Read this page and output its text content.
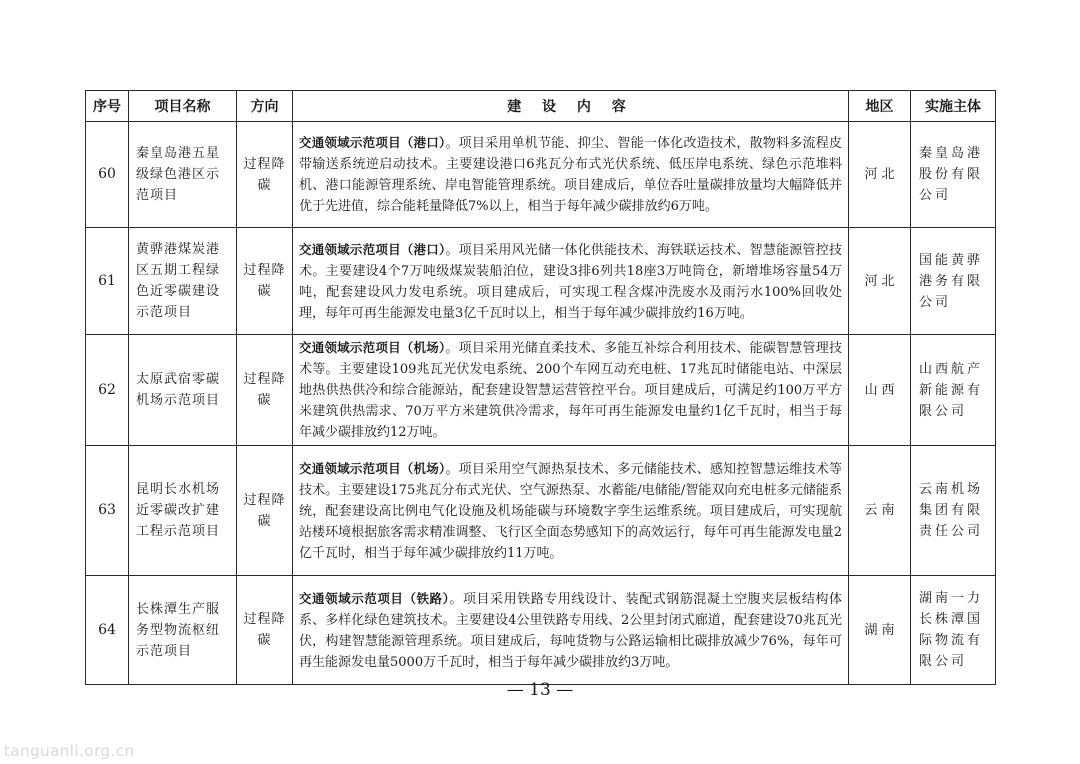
序号	项目名称	方向	建 设 内 容	地区	实施主体
60	秦皇岛港五星级绿色港区示范项目	过程降碳	交通领域示范项目（港口）。项目采用单机节能、抑尘、智能一体化改造技术，散物料多流程皮带输送系统逆启动技术。主要建设港口6兆瓦分布式光伏系统、低压岸电系统、绿色示范堆料机、港口能源管理系统、岸电智能管理系统。项目建成后，单位吞吐量碳排放量均大幅降低并优于先进值，综合能耗量降低7%以上，相当于每年减少碳排放约6万吨。	河北	秦皇岛港股份有限公司
61	黄骅港煤炭港区五期工程绿色近零碳建设示范项目	过程降碳	交通领域示范项目（港口）。项目采用风光储一体化供能技术、海铁联运技术、智慧能源管控技术。主要建设4个7万吨级煤炭装船泊位，建设3排6列共18座3万吨筒仓，新增堆场容量54万吨，配套建设风力发电系统。项目建成后，可实现工程含煤冲洗废水及雨污水100%回收处理，每年可再生能源发电量3亿千瓦时以上，相当于每年减少碳排放约16万吨。	河北	国能黄骅港务有限公司
62	太原武宿零碳机场示范项目	过程降碳	交通领域示范项目（机场）。项目采用光储直柔技术、多能互补综合利用技术、能碳智慧管理技术等。主要建设109兆瓦光伏发电系统、200个车网互动充电桩、17兆瓦时储能电站、中深层地热供热供冷和综合能源站，配套建设智慧运营管控平台。项目建成后，可满足约100万平方米建筑供热需求、70万平方米建筑供冷需求，每年可再生能源发电量约1亿千瓦时，相当于每年减少碳排放约12万吨。	山西	山西航产新能源有限公司
63	昆明长水机场近零碳改扩建工程示范项目	过程降碳	交通领域示范项目（机场）。项目采用空气源热泵技术、多元储能技术、感知控智慧运维技术等技术。主要建设175兆瓦分布式光伏、空气源热泵、水蓄能/电储能/智能双向充电桩多元储能系统，配套建设高比例电气化设施及机场能碳与环境数字孪生运维系统。项目建成后，可实现航站楼环境根据旅客需求精准调整、飞行区全面态势感知下的高效运行，每年可再生能源发电量2亿千瓦时，相当于每年减少碳排放约11万吨。	云南	云南机场集团有限责任公司
64	长株潭生产服务型物流枢纽示范项目	过程降碳	交通领域示范项目（铁路）。项目采用铁路专用线设计、装配式钢筋混凝土空腹夹层板结构体系、多样化绿色建筑技术。主要建设4公里铁路专用线、2公里封闭式廊道，配套建设70兆瓦光伏，构建智慧能源管理系统。项目建成后，每吨货物与公路运输相比碳排放减少76%，每年可再生能源发电量5000万千瓦时，相当于每年减少碳排放约3万吨。	湖南	湖南一力长株潭国际物流有限公司
— 13 —
tanguanli.org.cn
